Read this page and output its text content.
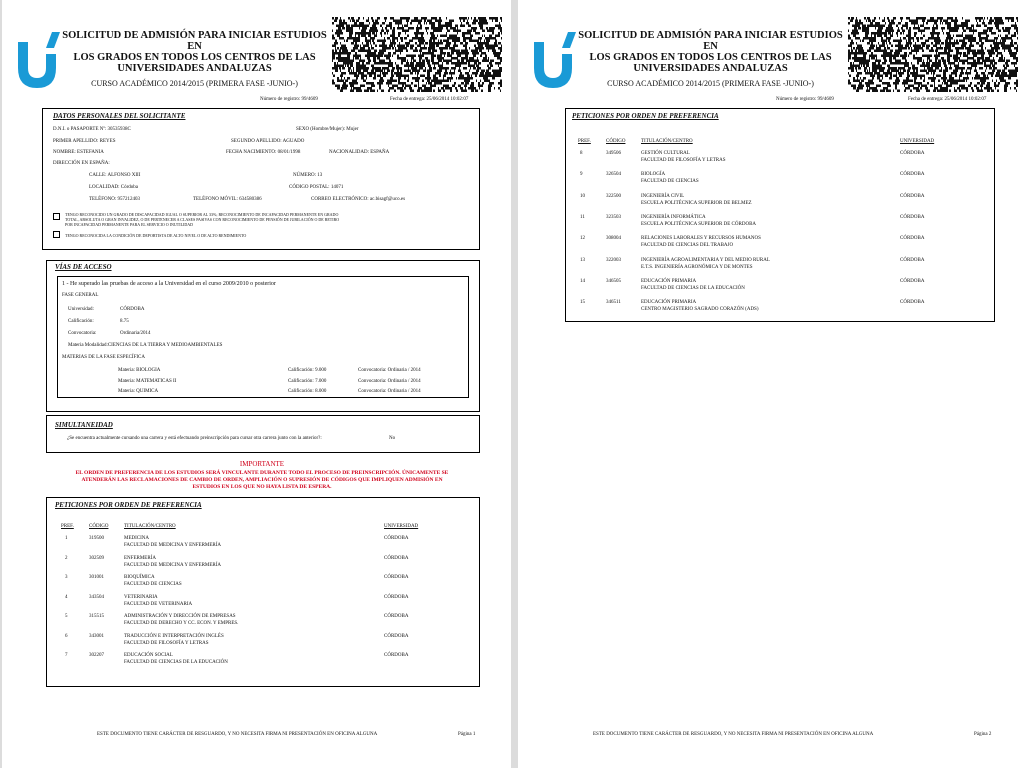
SOLICITUD DE ADMISIÓN PARA INICIAR ESTUDIOS EN
LOS GRADOS EN TODOS LOS CENTROS DE LAS
UNIVERSIDADES ANDALUZAS
CURSO ACADÉMICO 2014/2015 (PRIMERA FASE -JUNIO-)
Número de registro: 99/4609	Fecha de entrega: 25/06/2014 10:02:07
DATOS PERSONALES DEL SOLICITANTE
D.N.I. o PASAPORTE Nº: 30535938C	SEXO (Hombre/Mujer): Mujer
PRIMER APELLIDO: REYES	SEGUNDO APELLIDO: AGUADO
NOMBRE: ESTEFANIA	FECHA NACIMIENTO: 08/01/1998	NACIONALIDAD: ESPAÑA
DIRECCIÓN EN ESPAÑA:
CALLE: ALFONSO XIII	NÚMERO: 13
LOCALIDAD: Córdoba	CÓDIGO POSTAL: 14071
TELÉFONO: 957212403	TELÉFONO MÓVIL: 634580386	CORREO ELECTRÓNICO: ac.bisagf@uco.es
TENGO RECONOCIDO UN GRADO DE DISCAPACIDAD IGUAL O SUPERIOR AL 33%; RECONOCIMIENTO DE INCAPACIDAD PERMANENTE EN GRADO
TOTAL, ABSOLUTA O GRAN INVALIDEZ, O DE PERTENECER A CLASES PASIVAS CON RECONOCIMIENTO DE PENSIÓN DE JUBILACIÓN O DE RETIRO
POR INCAPACIDAD PERMANENTE PARA EL SERVICIO O INUTILIDAD
TENGO RECONOCIDA LA CONDICIÓN DE DEPORTISTA DE ALTO NIVEL O DE ALTO RENDIMIENTO
VÍAS DE ACCESO
1 - He superado las pruebas de acceso a la Universidad en el curso 2009/2010 o posterior
FASE GENERAL
Universidad:	CÓRDOBA
Calificación:	8.75
Convocatoria:	Ordinaria/2014
Materia Modalidad:CIENCIAS DE LA TIERRA Y MEDIOAMBIENTALES
MATERIAS DE LA FASE ESPECÍFICA
Materia: BIOLOGIA	Calificación: 9.000	Convocatoria: Ordinaria / 2014
Materia: MATEMATICAS II	Calificación: 7.000	Convocatoria: Ordinaria / 2014
Materia: QUIMICA	Calificación: 8.000	Convocatoria: Ordinaria / 2014
SIMULTANEIDAD
¿Se encuentra actualmente cursando una carrera y está efectuando preinscripción para cursar otra carrera junto con la anterior?:	No
IMPORTANTE
EL ORDEN DE PREFERENCIA DE LOS ESTUDIOS SERÁ VINCULANTE DURANTE TODO EL PROCESO DE PREINSCRIPCIÓN. ÚNICAMENTE SE
ATENDERÁN LAS RECLAMACIONES DE CAMBIO DE ORDEN, AMPLIACIÓN O SUPRESIÓN DE CÓDIGOS QUE IMPLIQUEN ADMISIÓN EN
ESTUDIOS EN LOS QUE NO HAYA LISTA DE ESPERA.
PETICIONES POR ORDEN DE PREFERENCIA
PREF.	CÓDIGO	TITULACIÓN/CENTRO	UNIVERSIDAD
1	319500	MEDICINA	CÓRDOBA
FACULTAD DE MEDICINA Y ENFERMERÍA
2	302509	ENFERMERÍA	CÓRDOBA
FACULTAD DE MEDICINA Y ENFERMERÍA
3	301001	BIOQUÍMICA	CÓRDOBA
FACULTAD DE CIENCIAS
4	343504	VETERINARIA	CÓRDOBA
FACULTAD DE VETERINARIA
5	315515	ADMINISTRACIÓN Y DIRECCIÓN DE EMPRESAS	CÓRDOBA
FACULTAD DE DERECHO Y CC. ECON. Y EMPRES.
6	343001	TRADUCCIÓN E INTERPRETACIÓN INGLÉS	CÓRDOBA
FACULTAD DE FILOSOFÍA Y LETRAS
7	302207	EDUCACIÓN SOCIAL	CÓRDOBA
FACULTAD DE CIENCIAS DE LA EDUCACIÓN
ESTE DOCUMENTO TIENE CARÁCTER DE RESGUARDO, Y NO NECESITA FIRMA NI PRESENTACIÓN EN OFICINA ALGUNA	Página 1
SOLICITUD DE ADMISIÓN PARA INICIAR ESTUDIOS EN
LOS GRADOS EN TODOS LOS CENTROS DE LAS
UNIVERSIDADES ANDALUZAS
CURSO ACADÉMICO 2014/2015 (PRIMERA FASE -JUNIO-)
Número de registro: 99/4609	Fecha de entrega: 25/06/2014 10:02:07
PETICIONES POR ORDEN DE PREFERENCIA
PREF.	CÓDIGO	TITULACIÓN/CENTRO	UNIVERSIDAD
8	349506	GESTIÓN CULTURAL	CÓRDOBA
FACULTAD DE FILOSOFÍA Y LETRAS
9	326504	BIOLOGÍA	CÓRDOBA
FACULTAD DE CIENCIAS
10	322500	INGENIERÍA CIVIL	CÓRDOBA
ESCUELA POLITÉCNICA SUPERIOR DE BELMEZ
11	323503	INGENIERÍA INFORMÁTICA	CÓRDOBA
ESCUELA POLITÉCNICA SUPERIOR DE CÓRDOBA
12	308004	RELACIONES LABORALES Y RECURSOS HUMANOS	CÓRDOBA
FACULTAD DE CIENCIAS DEL TRABAJO
13	322003	INGENIERÍA AGROALIMENTARIA Y DEL MEDIO RURAL	CÓRDOBA
E.T.S. INGENIERÍA AGRONÓMICA Y DE MONTES
14	346505	EDUCACIÓN PRIMARIA	CÓRDOBA
FACULTAD DE CIENCIAS DE LA EDUCACIÓN
15	346511	EDUCACIÓN PRIMARIA	CÓRDOBA
CENTRO MAGISTERIO SAGRADO CORAZÓN (ADS)
ESTE DOCUMENTO TIENE CARÁCTER DE RESGUARDO, Y NO NECESITA FIRMA NI PRESENTACIÓN EN OFICINA ALGUNA	Página 2
